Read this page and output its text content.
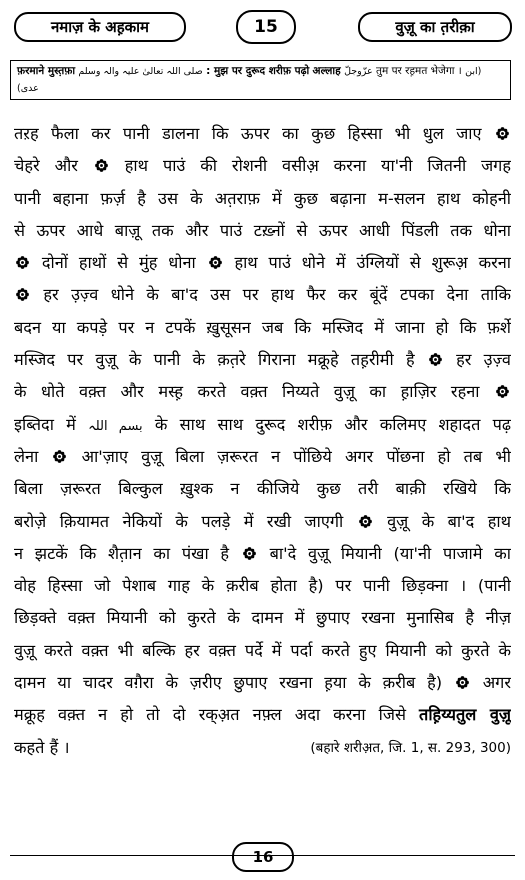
नमाज़ के अह़काम	15	वुज़ू का त़रीक़ा
फ़रमाने मुस्त़फ़ा صلی اللہ تعالیٰ علیہ والہ وسلم : मुझ पर दुरूद शरीफ़ पढ़ो अल्लाह عزّوجلّ तुम पर रह़मत भेजेगा । (ابن عدی)
तऱह फैला कर पानी डालना कि ऊपर का कुछ हिस्सा भी धुल जाए
चेहरे और	हाथ पाउं की रोशनी वसीअ़ करना या'नी जितनी जगह
पानी बहाना फ़र्ज़ है उस के अत़राफ़ में कुछ बढ़ाना म-सलन हाथ कोहनी
से ऊपर आधे बाज़ू तक और पाउं टख़्नों से ऊपर आधी पिंडली तक धोना
दोनों हाथों से मुंह धोना हाथ पाउं धोने में उंग्लियों से शुरूअ़ करना
हर उ़ज़्व धोने के बा'द उस पर हाथ फैर कर बूंदें टपका देना ताकि
बदन या कपड़े पर न टपकें ख़ुसूसन जब कि मस्जिद में जाना हो कि फ़र्शे
मस्जिद पर वुज़ू के पानी के क़त़रे गिराना मक्रूहे तह़रीमी है	हर उ़ज़्व
के धोते वक़्त और मस्ह़ करते वक़्त निय्यते वुज़ू का ह़ाज़िर रहना
इब्तिदा में بسم اللہ के साथ साथ दुरूद शरीफ़ और कलिमए शहादत पढ़
लेना	आ'ज़ाए वुज़ू बिला ज़रूरत न पोंछिये अगर पोंछना हो तब भी
बिला ज़रूरत बिल्कुल ख़ुश्क न कीजिये कुछ तरी बाक़ी रखिये कि
बरोज़े क़ियामत नेकियों के पलड़े में रखी जाएगी	वुज़ू के बा'द हाथ
न झटकें कि शैत़ान का पंखा है बा'दे वुज़ू मियानी (या'नी पाजामे का
वोह हिस्सा जो पेशाब गाह के क़रीब होता है) पर पानी छिड़क्ना । (पानी
छिड़क्ते वक़्त मियानी को कुरते के दामन में छुपाए रखना मुनासिब है नीज़
वुज़ू करते वक़्त भी बल्कि हर वक़्त पर्दे में पर्दा करते हुए मियानी को कुरते के
दामन या चादर वग़ैरा के ज़रीए छुपाए रखना ह़या के क़रीब है) अगर
मक्रूह वक़्त न हो तो दो रक्अ़त नफ़्ल अदा करना जिसे तह़िय्यतुल वुज़ू
कहते हैं ।	(बहारे शरीअ़त, जि. 1, स. 293, 300)
16
